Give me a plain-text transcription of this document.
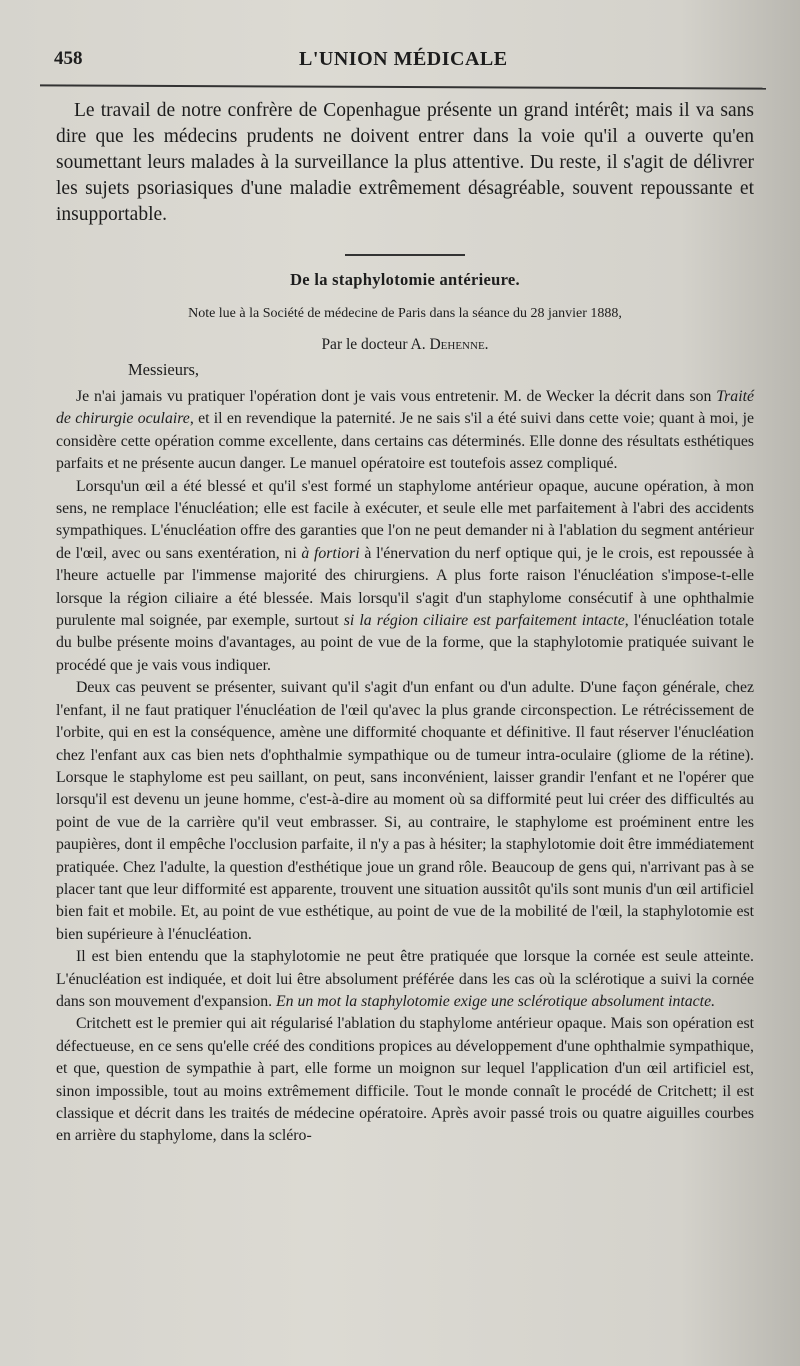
458	L'UNION MÉDICALE

Le travail de notre confrère de Copenhague présente un grand intérêt; mais il va sans dire que les médecins prudents ne doivent entrer dans la voie qu'il a ouverte qu'en soumettant leurs malades à la surveillance la plus attentive. Du reste, il s'agit de délivrer les sujets psoriasiques d'une maladie extrêmement désagréable, souvent repoussante et insupportable.

De la staphylotomie antérieure.
Note lue à la Société de médecine de Paris dans la séance du 28 janvier 1888,
Par le docteur A. Dehenne.
Messieurs,

Je n'ai jamais vu pratiquer l'opération dont je vais vous entretenir. M. de Wecker la décrit dans son Traité de chirurgie oculaire, et il en revendique la paternité. Je ne sais s'il a été suivi dans cette voie; quant à moi, je considère cette opération comme excellente, dans certains cas déterminés. Elle donne des résultats esthétiques parfaits et ne présente aucun danger. Le manuel opératoire est toutefois assez compliqué.

Lorsqu'un œil a été blessé et qu'il s'est formé un staphylome antérieur opaque, aucune opération, à mon sens, ne remplace l'énucléation; elle est facile à exécuter, et seule elle met parfaitement à l'abri des accidents sympathiques. L'énucléation offre des garanties que l'on ne peut demander ni à l'ablation du segment antérieur de l'œil, avec ou sans exentération, ni à fortiori à l'énervation du nerf optique qui, je le crois, est repoussée à l'heure actuelle par l'immense majorité des chirurgiens. A plus forte raison l'énucléation s'impose-t-elle lorsque la région ciliaire a été blessée. Mais lorsqu'il s'agit d'un staphylome consécutif à une ophthalmie purulente mal soignée, par exemple, surtout si la région ciliaire est parfaitement intacte, l'énucléation totale du bulbe présente moins d'avantages, au point de vue de la forme, que la staphylotomie pratiquée suivant le procédé que je vais vous indiquer.

Deux cas peuvent se présenter, suivant qu'il s'agit d'un enfant ou d'un adulte. D'une façon générale, chez l'enfant, il ne faut pratiquer l'énucléation de l'œil qu'avec la plus grande circonspection. Le rétrécissement de l'orbite, qui en est la conséquence, amène une difformité choquante et définitive. Il faut réserver l'énucléation chez l'enfant aux cas bien nets d'ophthalmie sympathique ou de tumeur intra-oculaire (gliome de la rétine). Lorsque le staphylome est peu saillant, on peut, sans inconvénient, laisser grandir l'enfant et ne l'opérer que lorsqu'il est devenu un jeune homme, c'est-à-dire au moment où sa difformité peut lui créer des difficultés au point de vue de la carrière qu'il veut embrasser. Si, au contraire, le staphylome est proéminent entre les paupières, dont il empêche l'occlusion parfaite, il n'y a pas à hésiter; la staphylotomie doit être immédiatement pratiquée. Chez l'adulte, la question d'esthétique joue un grand rôle. Beaucoup de gens qui, n'arrivant pas à se placer tant que leur difformité est apparente, trouvent une situation aussitôt qu'ils sont munis d'un œil artificiel bien fait et mobile. Et, au point de vue esthétique, au point de vue de la mobilité de l'œil, la staphylotomie est bien supérieure à l'énucléation.

Il est bien entendu que la staphylotomie ne peut être pratiquée que lorsque la cornée est seule atteinte. L'énucléation est indiquée, et doit lui être absolument préférée dans les cas où la sclérotique a suivi la cornée dans son mouvement d'expansion. En un mot la staphylotomie exige une sclérotique absolument intacte.

Critchett est le premier qui ait régularisé l'ablation du staphylome antérieur opaque. Mais son opération est défectueuse, en ce sens qu'elle créé des conditions propices au développement d'une ophthalmie sympathique, et que, question de sympathie à part, elle forme un moignon sur lequel l'application d'un œil artificiel est, sinon impossible, tout au moins extrêmement difficile. Tout le monde connaît le procédé de Critchett; il est classique et décrit dans les traités de médecine opératoire. Après avoir passé trois ou quatre aiguilles courbes en arrière du staphylome, dans la scléro-
